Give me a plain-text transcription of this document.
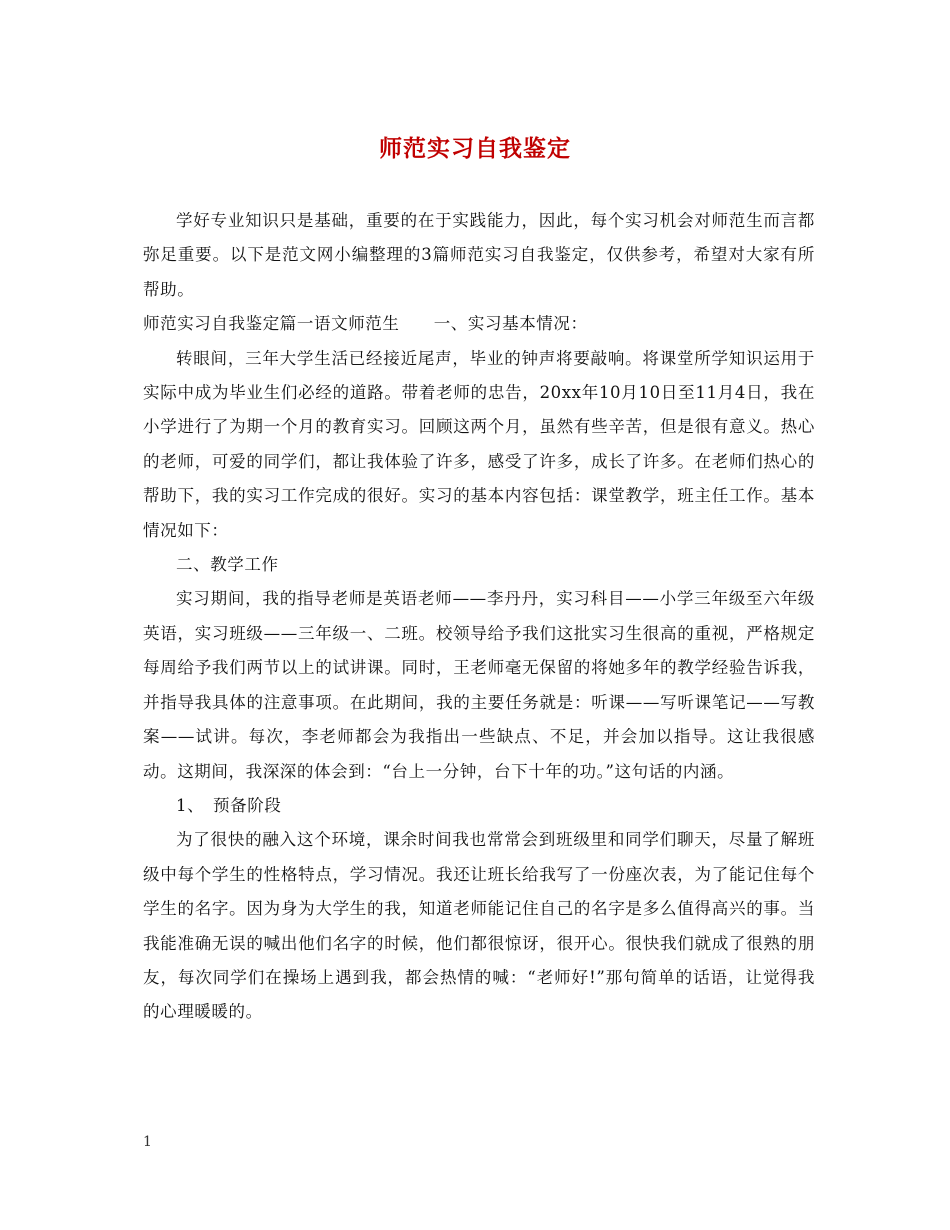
师范实习自我鉴定

学好专业知识只是基础，重要的在于实践能力，因此，每个实习机会对师范生而言都弥足重要。以下是范文网小编整理的3篇师范实习自我鉴定，仅供参考，希望对大家有所帮助。

师范实习自我鉴定篇一语文师范生　　一、实习基本情况：

转眼间，三年大学生活已经接近尾声，毕业的钟声将要敲响。将课堂所学知识运用于实际中成为毕业生们必经的道路。带着老师的忠告，20xx年10月10日至11月4日，我在小学进行了为期一个月的教育实习。回顾这两个月，虽然有些辛苦，但是很有意义。热心的老师，可爱的同学们，都让我体验了许多，感受了许多，成长了许多。在老师们热心的帮助下，我的实习工作完成的很好。实习的基本内容包括：课堂教学，班主任工作。基本情况如下：

二、教学工作

实习期间，我的指导老师是英语老师——李丹丹，实习科目——小学三年级至六年级英语，实习班级——三年级一、二班。校领导给予我们这批实习生很高的重视，严格规定每周给予我们两节以上的试讲课。同时，王老师毫无保留的将她多年的教学经验告诉我，并指导我具体的注意事项。在此期间，我的主要任务就是：听课——写听课笔记——写教案——试讲。每次，李老师都会为我指出一些缺点、不足，并会加以指导。这让我很感动。这期间，我深深的体会到：“台上一分钟，台下十年的功。”这句话的内涵。

1、　预备阶段

为了很快的融入这个环境，课余时间我也常常会到班级里和同学们聊天，尽量了解班级中每个学生的性格特点，学习情况。我还让班长给我写了一份座次表，为了能记住每个学生的名字。因为身为大学生的我，知道老师能记住自己的名字是多么值得高兴的事。当我能准确无误的喊出他们名字的时候，他们都很惊讶，很开心。很快我们就成了很熟的朋友，每次同学们在操场上遇到我，都会热情的喊：“老师好!”那句简单的话语，让觉得我的心理暖暖的。

1
